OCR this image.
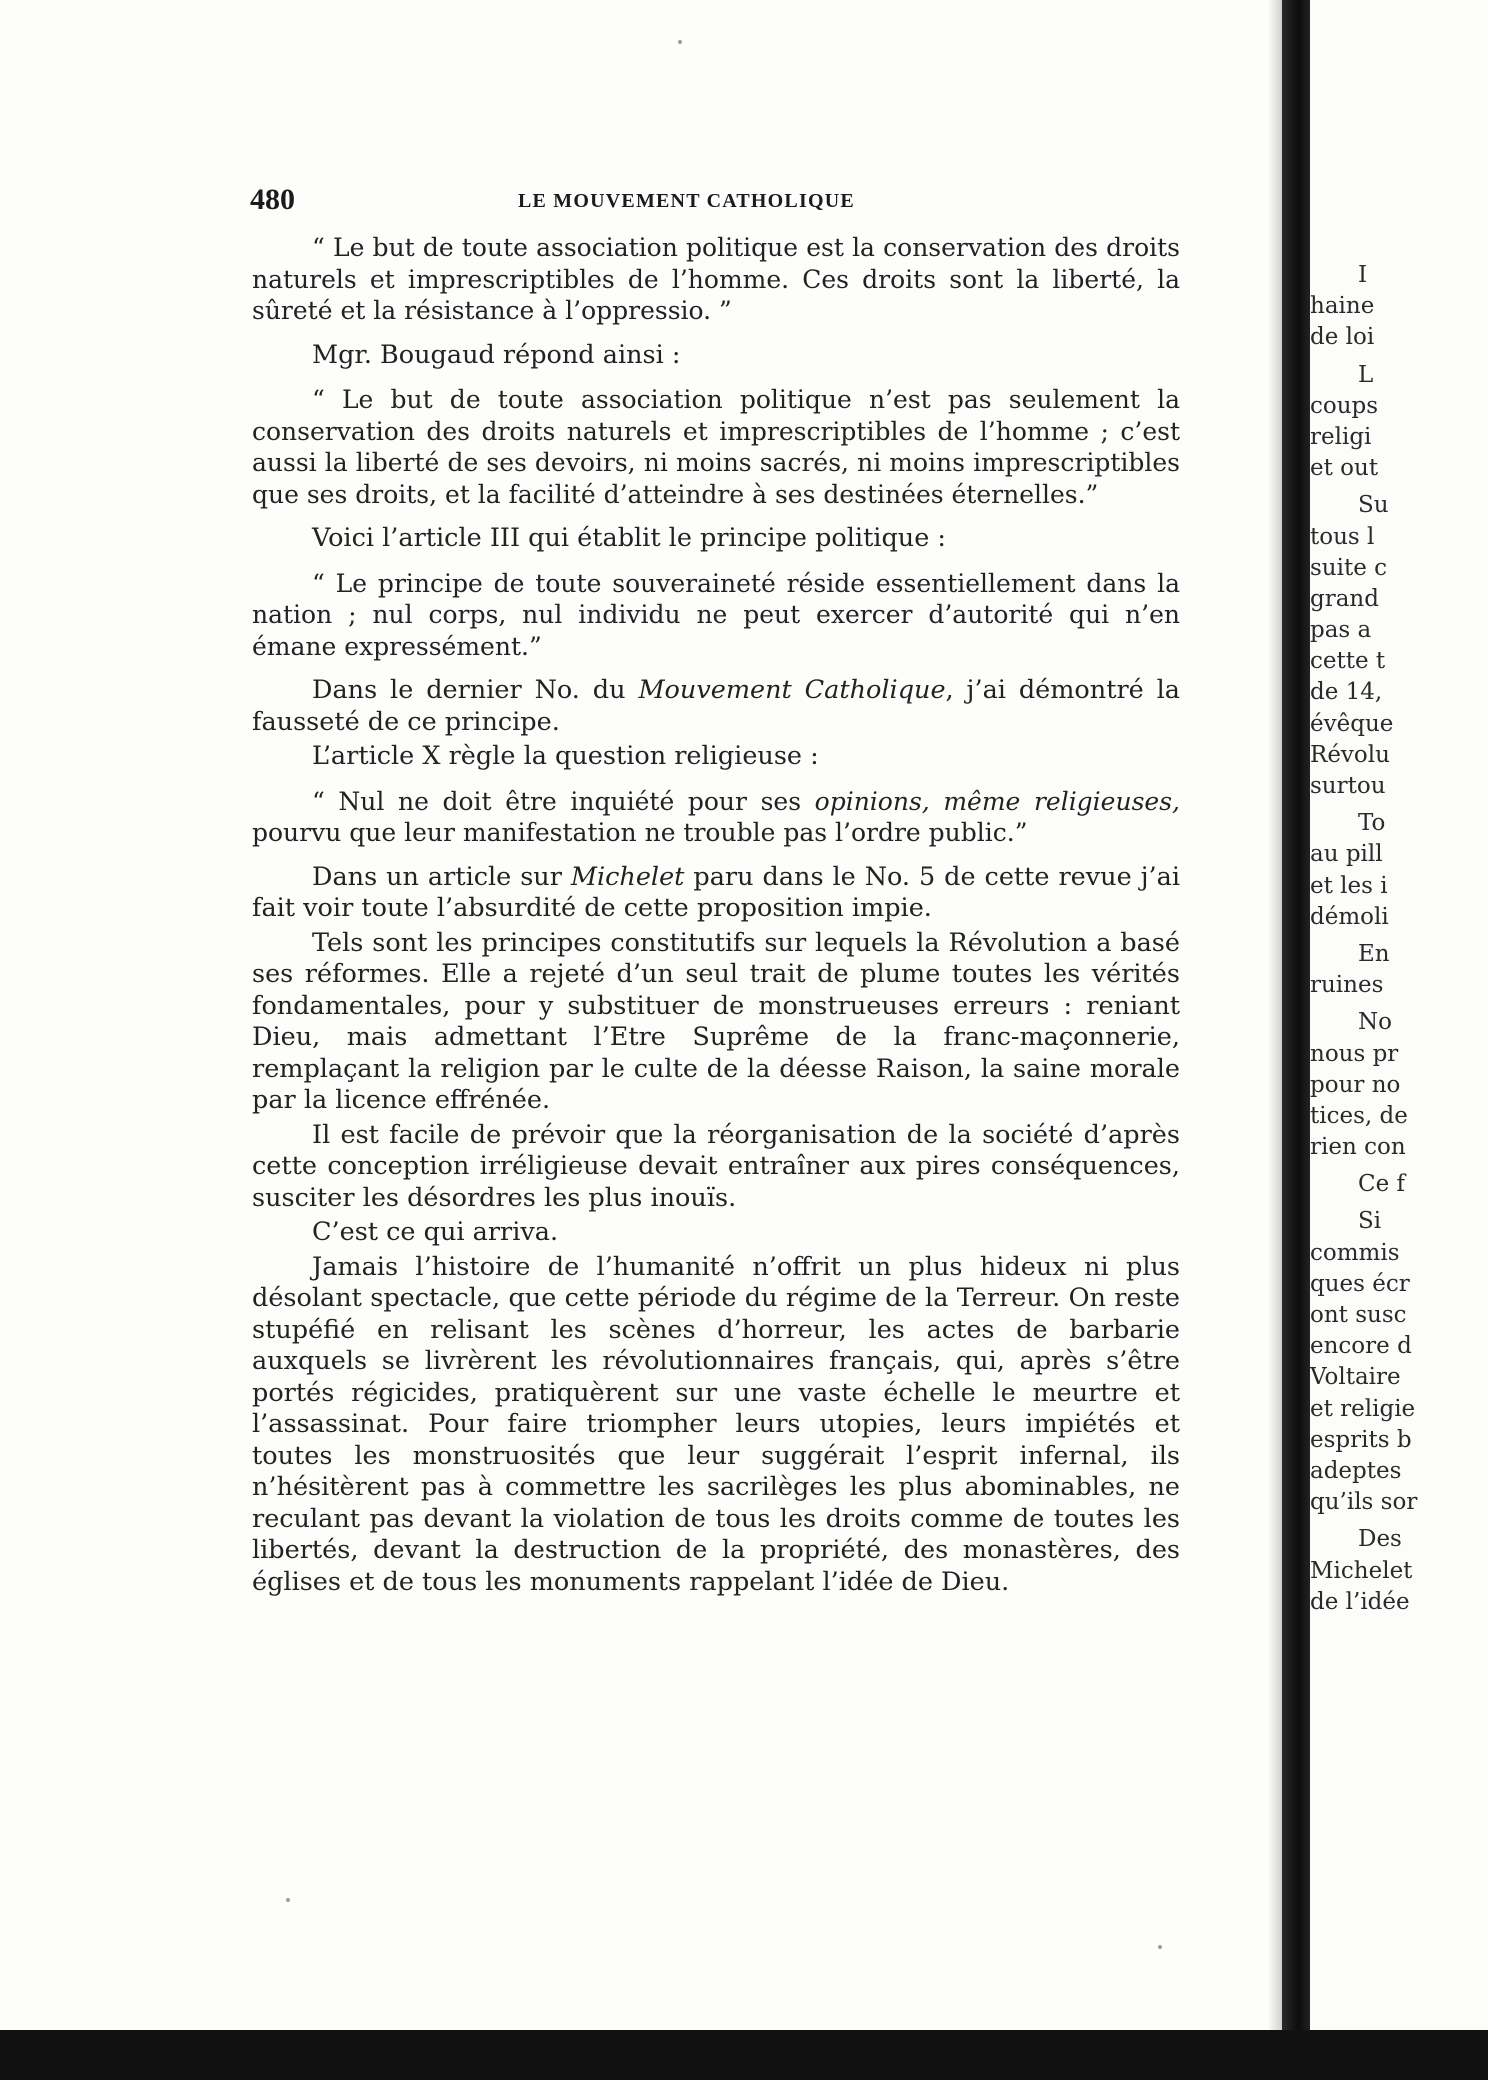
480	LE MOUVEMENT CATHOLIQUE

“ Le but de toute association politique est la conservation des droits naturels et imprescriptibles de l’homme. Ces droits sont la liberté, la sûreté et la résistance à l’oppressio. ”

Mgr. Bougaud répond ainsi :

“ Le but de toute association politique n’est pas seulement la conservation des droits naturels et imprescriptibles de l’homme ; c’est aussi la liberté de ses devoirs, ni moins sacrés, ni moins imprescriptibles que ses droits, et la facilité d’atteindre à ses destinées éternelles.”

Voici l’article III qui établit le principe politique :

“ Le principe de toute souveraineté réside essentiellement dans la nation ; nul corps, nul individu ne peut exercer d’autorité qui n’en émane expressément.”

Dans le dernier No. du Mouvement Catholique, j’ai démontré la fausseté de ce principe.

L’article X règle la question religieuse :

“ Nul ne doit être inquiété pour ses opinions, même religieuses, pourvu que leur manifestation ne trouble pas l’ordre public.”

Dans un article sur Michelet paru dans le No. 5 de cette revue j’ai fait voir toute l’absurdité de cette proposition impie.

Tels sont les principes constitutifs sur lequels la Révolution a basé ses réformes. Elle a rejeté d’un seul trait de plume toutes les vérités fondamentales, pour y substituer de monstrueuses erreurs : reniant Dieu, mais admettant l’Etre Suprême de la franc-maçonnerie, remplaçant la religion par le culte de la déesse Raison, la saine morale par la licence effrénée.

Il est facile de prévoir que la réorganisation de la société d’après cette conception irréligieuse devait entraîner aux pires conséquences, susciter les désordres les plus inouïs.

C’est ce qui arriva.

Jamais l’histoire de l’humanité n’offrit un plus hideux ni plus désolant spectacle, que cette période du régime de la Terreur. On reste stupéfié en relisant les scènes d’horreur, les actes de barbarie auxquels se livrèrent les révolutionnaires français, qui, après s’être portés régicides, pratiquèrent sur une vaste échelle le meurtre et l’assassinat. Pour faire triompher leurs utopies, leurs impiétés et toutes les monstruosités que leur suggérait l’esprit infernal, ils n’hésitèrent pas à commettre les sacrilèges les plus abominables, ne reculant pas devant la violation de tous les droits comme de toutes les libertés, devant la destruction de la propriété, des monastères, des églises et de tous les monuments rappelant l’idée de Dieu.

I
haine
de loi
L
coups
religi
et out
Su
tous l
suite c
grand
pas a
cette t
de 14,
évêque
Révolu
surtou
To
au pill
et les i
démoli
En
ruines
No
nous pr
pour no
tices, de
rien con
Ce f
Si
commis
ques écr
ont susc
encore d
Voltaire
et religie
esprits b
adeptes
qu’ils sor
Des
Michelet
de l’idée
